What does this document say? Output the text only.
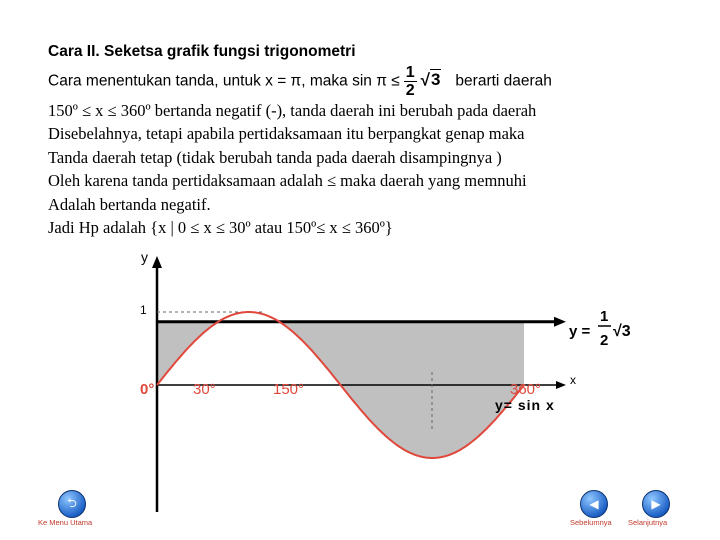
Cara II. Seketsa grafik fungsi trigonometri
Cara menentukan tanda, untuk x = π, maka $\sin \pi \le \frac{1}{2} √3$ berarti daerah
150º ≤ x ≤ 360º bertanda negatif (-), tanda daerah ini berubah pada daerah
Disebelahnya, tetapi apabila pertidaksamaan itu berpangkat genap maka
Tanda daerah tetap (tidak berubah tanda pada daerah disampingnya )
Oleh karena tanda pertidaksamaan adalah ≤ maka daerah yang memnuhi
Adalah bertanda negatif.
Jadi Hp adalah {x | 0 ≤ x ≤ 30º atau 150º≤ x ≤ 360º}
y
1
x
0°	30°	150°	360°
y =
1
2
√3
y= sin x
⮌
Ke Menu Utama
◀
Sebelumnya
▶
Selanjutnya
